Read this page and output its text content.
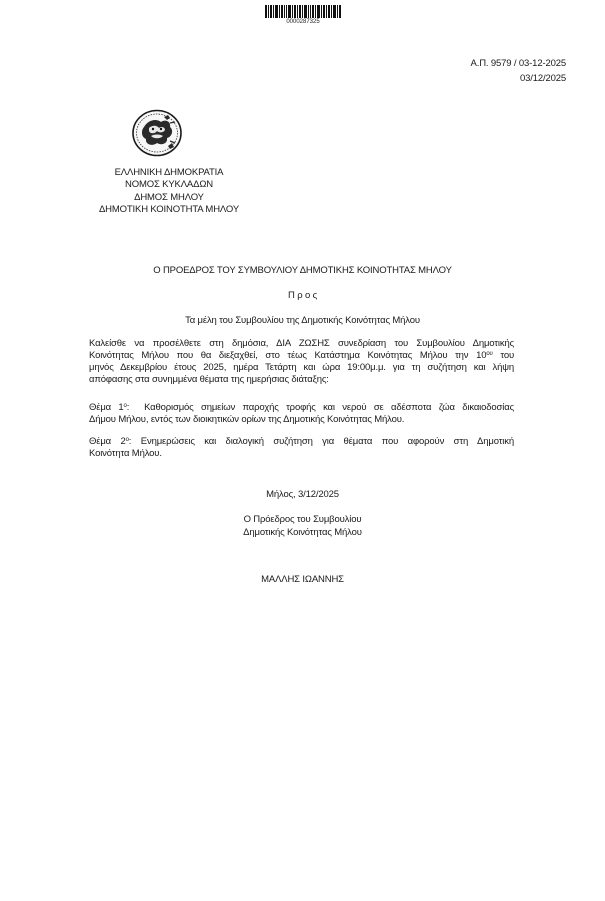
0000287325
Α.Π. 9579 / 03-12-2025
03/12/2025
ΕΛΛΗΝΙΚΗ ΔΗΜΟΚΡΑΤΙΑ
ΝΟΜΟΣ ΚΥΚΛΑΔΩΝ
ΔΗΜΟΣ ΜΗΛΟΥ
ΔΗΜΟΤΙΚΗ ΚΟΙΝΟΤΗΤΑ ΜΗΛΟΥ
Ο ΠΡΟΕΔΡΟΣ ΤΟΥ ΣΥΜΒΟΥΛΙΟΥ ΔΗΜΟΤΙΚΗΣ ΚΟΙΝΟΤΗΤΑΣ ΜΗΛΟΥ
Π ρ ο ς
Τα μέλη του Συμβουλίου της Δημοτικής Κοινότητας Μήλου
Καλείσθε να προσέλθετε στη δημόσια, ΔΙΑ ΖΩΣΗΣ συνεδρίαση του Συμβουλίου Δημοτικής
Κοινότητας Μήλου που θα διεξαχθεί, στο τέως Κατάστημα Κοινότητας Μήλου την $10^{o\upsilon}$ του
μηνός Δεκεμβρίου έτους 2025, ημέρα Τετάρτη και ώρα 19:00μ.μ. για τη συζήτηση και λήψη
απόφασης στα συνημμένα θέματα της ημερήσιας διάταξης:
Θέμα $1^o$: Καθορισμός σημείων παροχής τροφής και νερού σε αδέσποτα ζώα δικαιοδοσίας
Δήμου Μήλου, εντός των διοικητικών ορίων της Δημοτικής Κοινότητας Μήλου.
Θέμα $2^o$: Ενημερώσεις και διαλογική συζήτηση για θέματα που αφορούν στη Δημοτική
Κοινότητα Μήλου.
Μήλος, 3/12/2025
Ο Πρόεδρος του Συμβουλίου
Δημοτικής Κοινότητας Μήλου
ΜΑΛΛΗΣ ΙΩΑΝΝΗΣ
